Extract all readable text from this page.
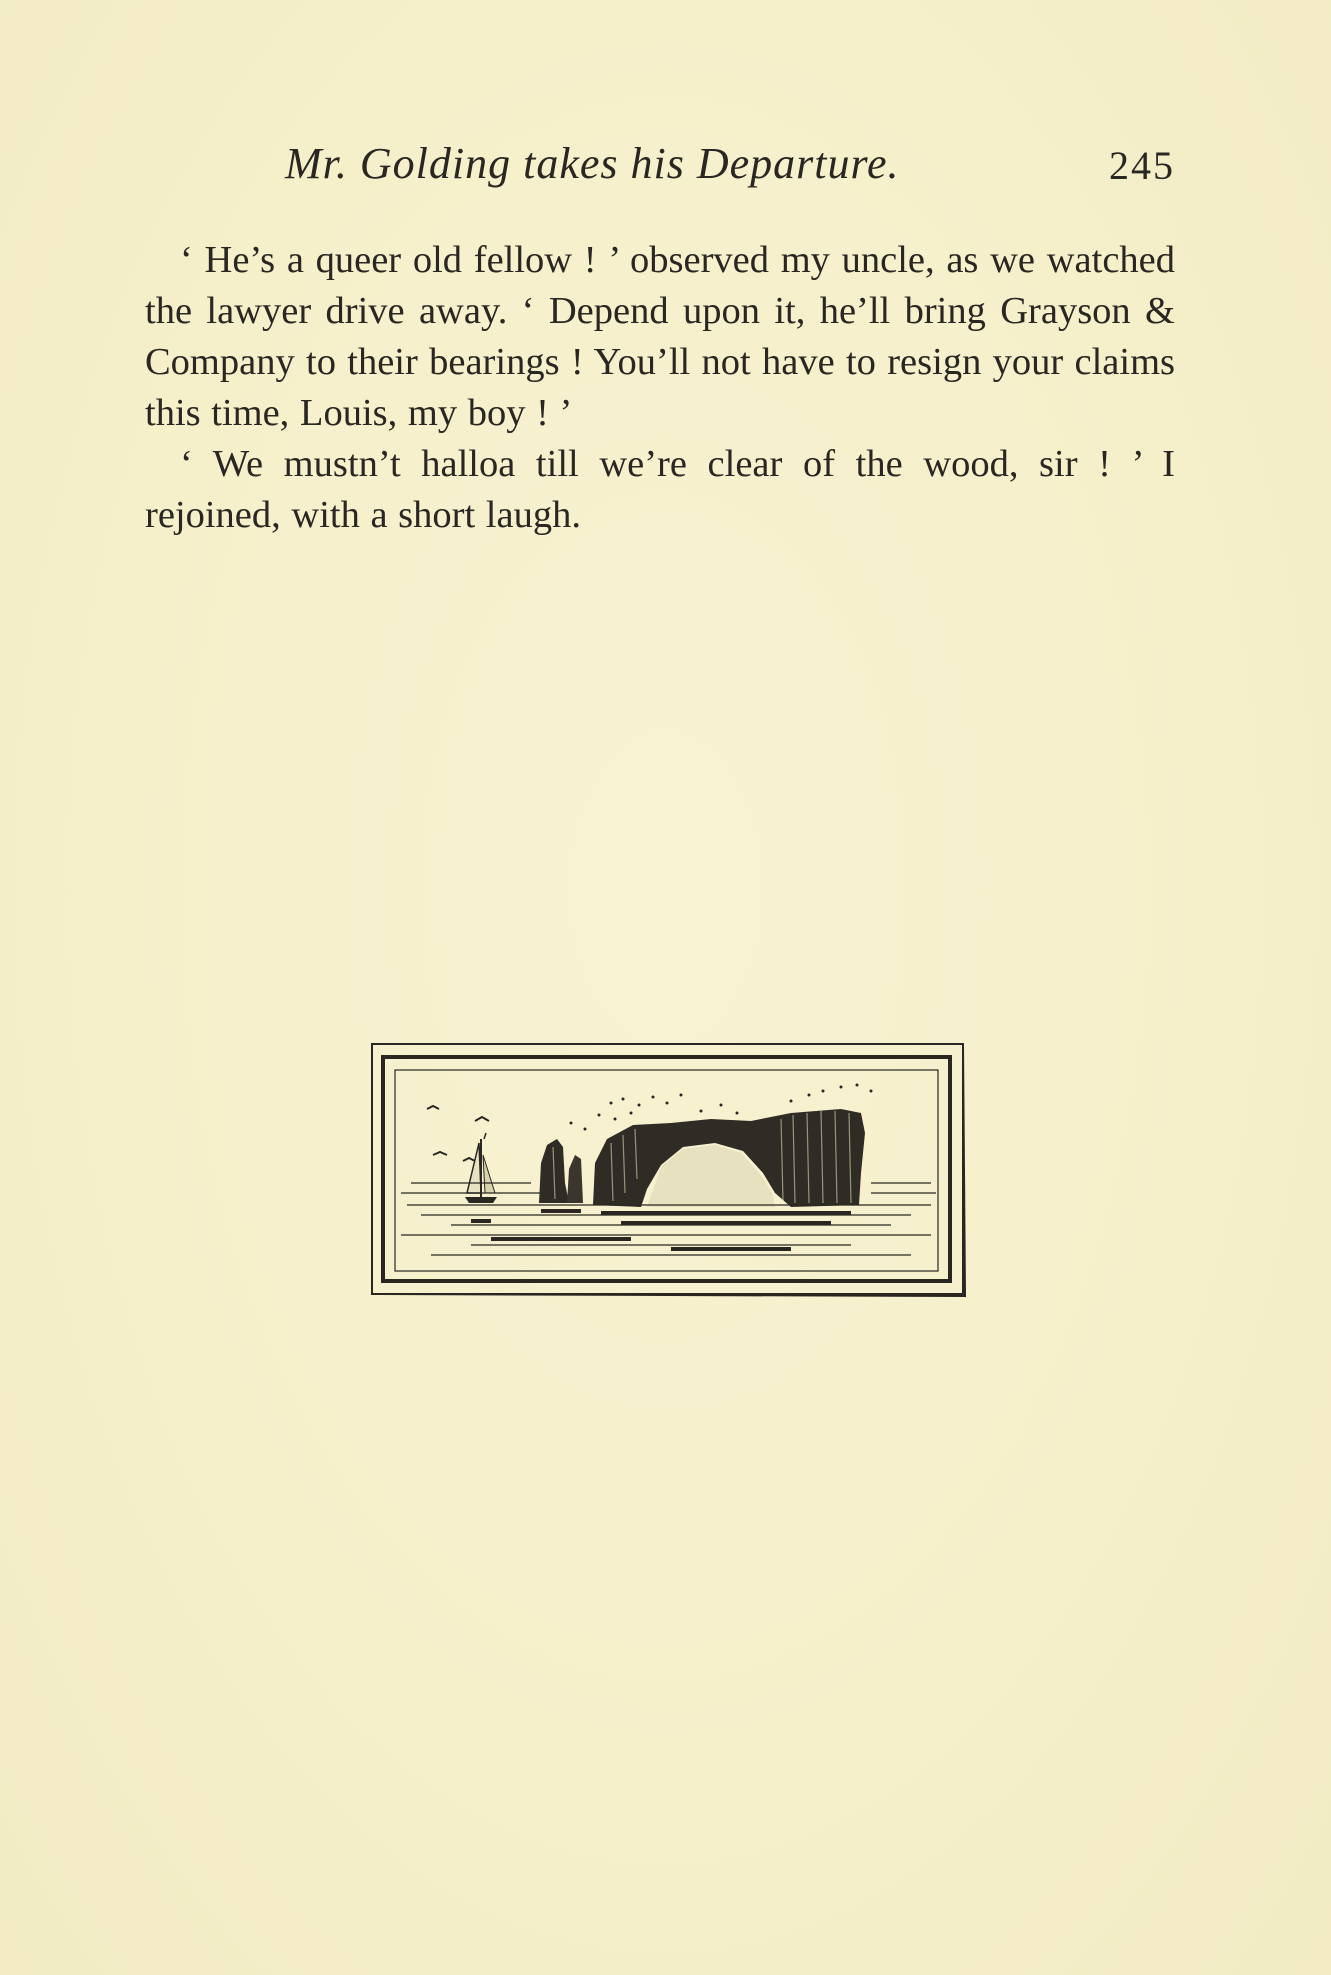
Mr. Golding takes his Departure.	245

‘ He’s a queer old fellow ! ’ observed my uncle, as we watched the lawyer drive away. ‘ Depend upon it, he’ll bring Grayson & Company to their bearings ! You’ll not have to resign your claims this time, Louis, my boy ! ’

‘ We mustn’t halloa till we’re clear of the wood, sir ! ’ I rejoined, with a short laugh.
